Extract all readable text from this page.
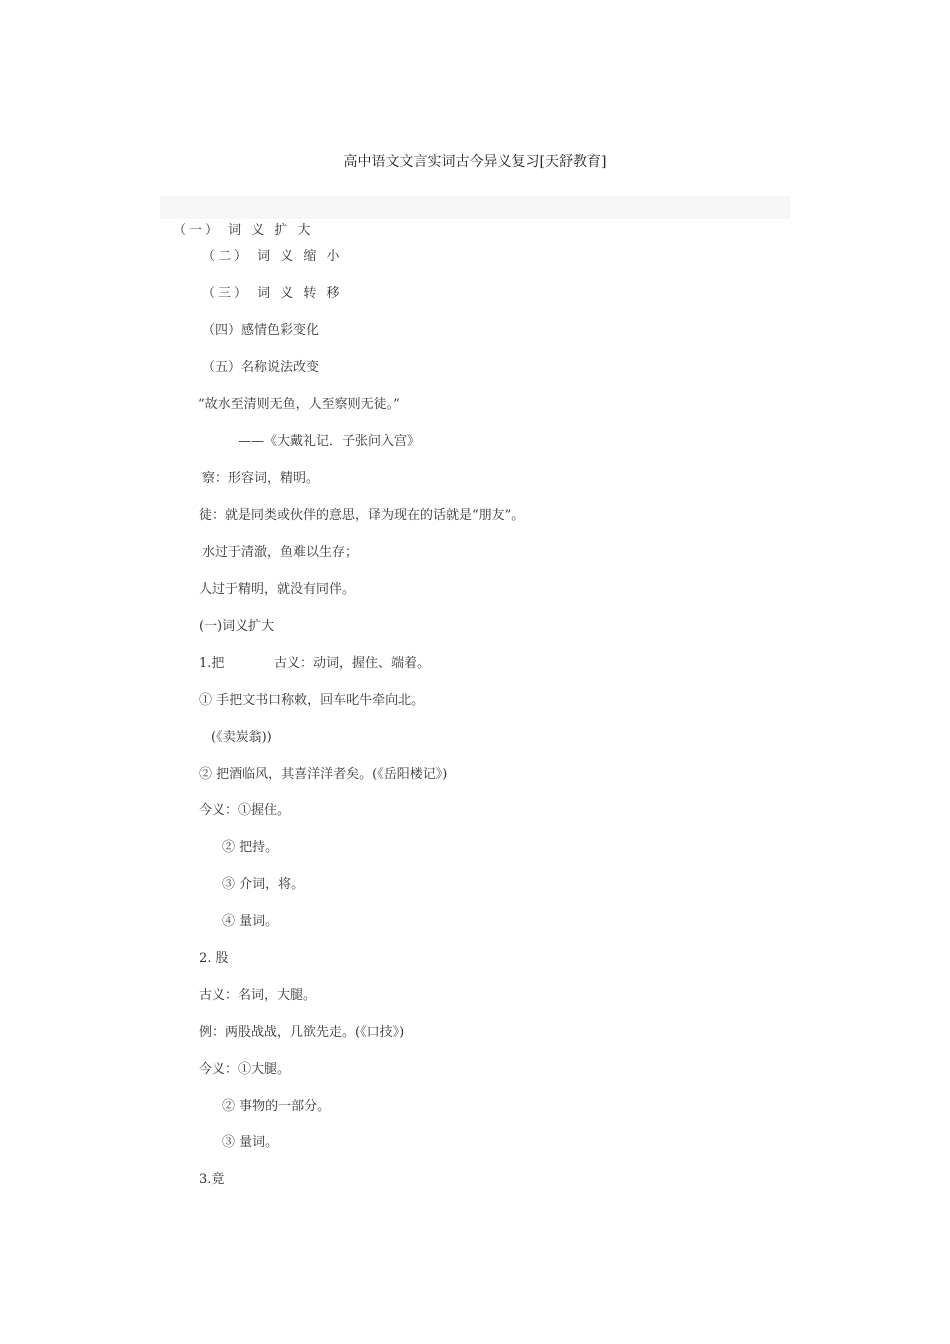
高中语文文言实词古今异义复习[天舒教育]
（一） 词 义 扩 大
（二） 词 义 缩 小
（三） 词 义 转 移
（四）感情色彩变化
（五）名称说法改变
“故水至清则无鱼，人至察则无徒。”
——《大戴礼记．子张问入宫》
察：形容词，精明。
徒：就是同类或伙伴的意思，译为现在的话就是“朋友”。
水过于清澈，鱼难以生存；
人过于精明，就没有同伴。
(一)词义扩大
1.把            古义：动词，握住、端着。
① 手把文书口称敕，回车叱牛牵向北。
(《卖炭翁))
② 把酒临风，其喜洋洋者矣。(《岳阳楼记》)
今义：①握住。
② 把持。
③ 介词，将。
④ 量词。
2. 股
古义：名词，大腿。
例：两股战战，几欲先走。(《口技》)
今义：①大腿。
② 事物的一部分。
③ 量词。
3.竟
